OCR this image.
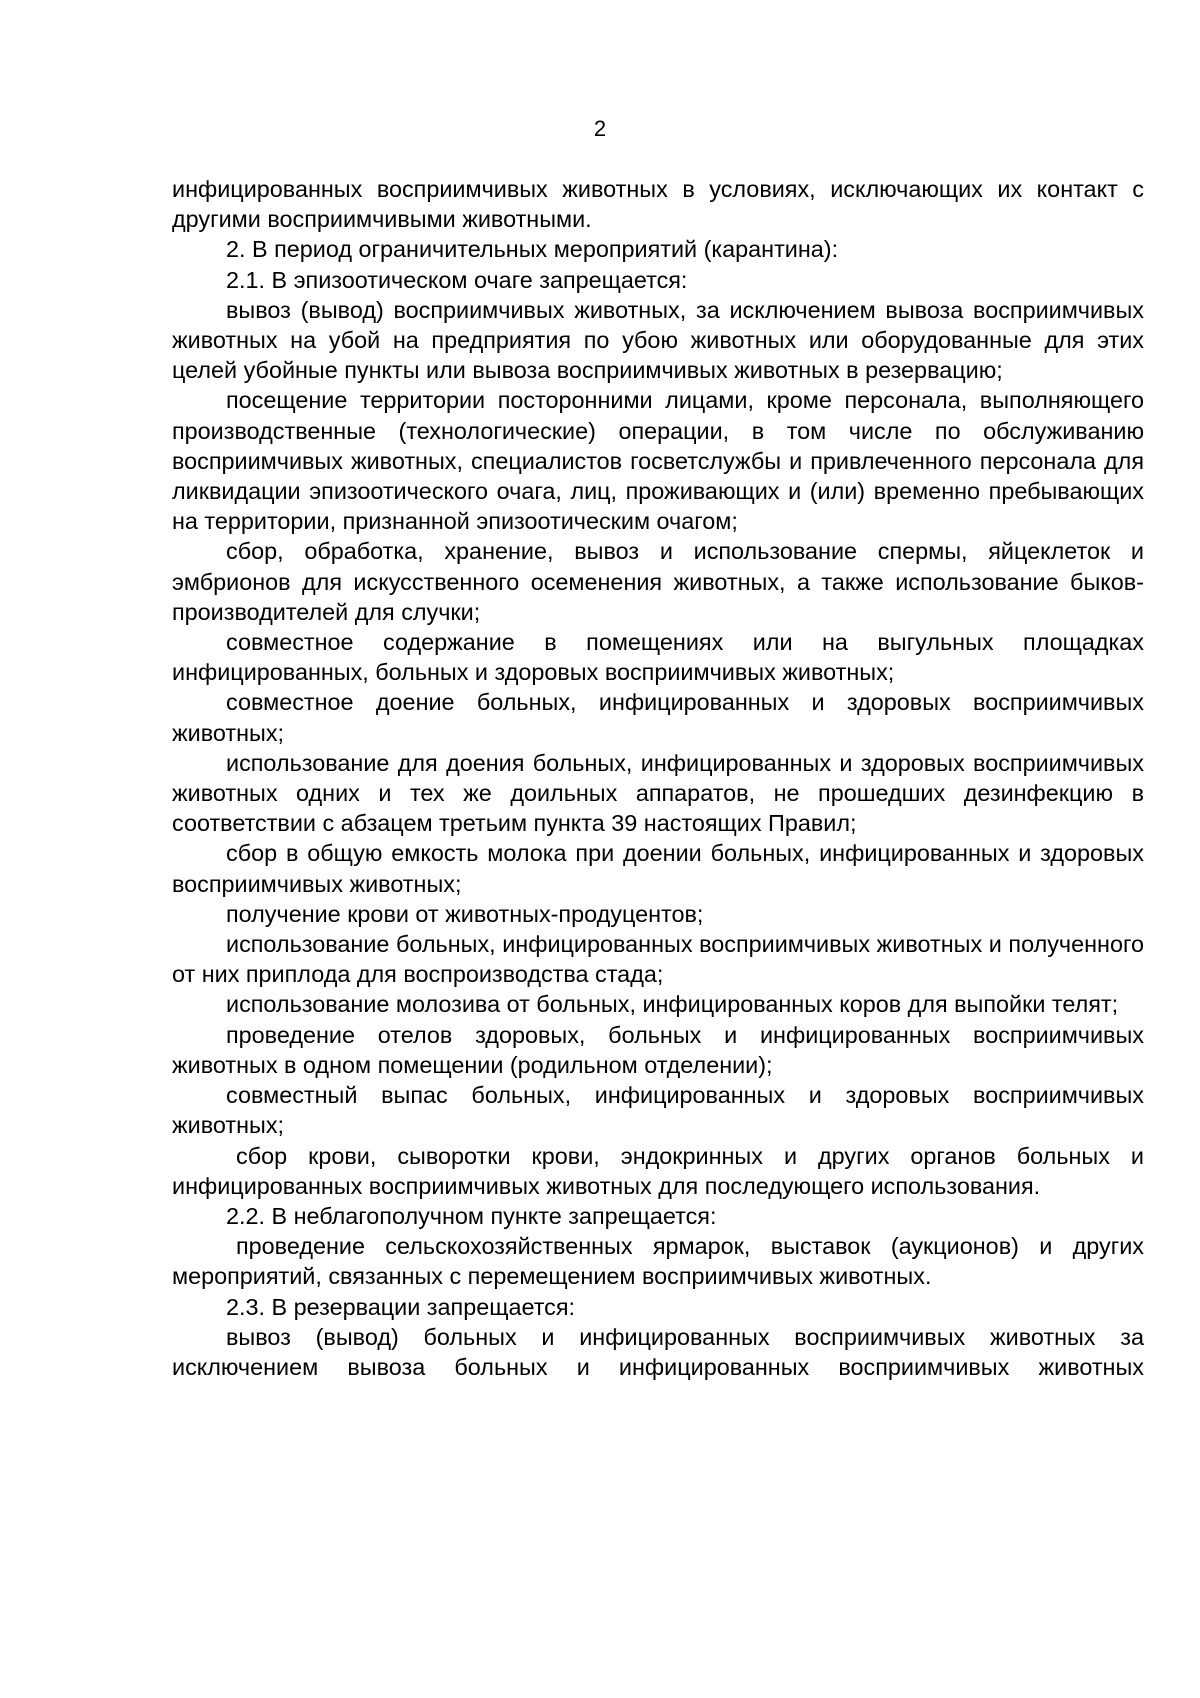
2

инфицированных восприимчивых животных в условиях, исключающих их контакт с другими восприимчивыми животными.

2. В период ограничительных мероприятий (карантина):

2.1. В эпизоотическом очаге запрещается:

вывоз (вывод) восприимчивых животных, за исключением вывоза восприимчивых животных на убой на предприятия по убою животных или оборудованные для этих целей убойные пункты или вывоза восприимчивых животных в резервацию;

посещение территории посторонними лицами, кроме персонала, выполняющего производственные (технологические) операции, в том числе по обслуживанию восприимчивых животных, специалистов госветслужбы и привлеченного персонала для ликвидации эпизоотического очага, лиц, проживающих и (или) временно пребывающих на территории, признанной эпизоотическим очагом;

сбор, обработка, хранение, вывоз и использование спермы, яйцеклеток и эмбрионов для искусственного осеменения животных, а также использование быков-производителей для случки;

совместное содержание в помещениях или на выгульных площадках инфицированных, больных и здоровых восприимчивых животных;

совместное доение больных, инфицированных и здоровых восприимчивых животных;

использование для доения больных, инфицированных и здоровых восприимчивых животных одних и тех же доильных аппаратов, не прошедших дезинфекцию в соответствии с абзацем третьим пункта 39 настоящих Правил;

сбор в общую емкость молока при доении больных, инфицированных и здоровых восприимчивых животных;

получение крови от животных-продуцентов;

использование больных, инфицированных восприимчивых животных и полученного от них приплода для воспроизводства стада;

использование молозива от больных, инфицированных коров для выпойки телят;

проведение отелов здоровых, больных и инфицированных восприимчивых животных в одном помещении (родильном отделении);

совместный выпас больных, инфицированных и здоровых восприимчивых животных;

сбор крови, сыворотки крови, эндокринных и других органов больных и инфицированных восприимчивых животных для последующего использования.

2.2. В неблагополучном пункте запрещается:

проведение сельскохозяйственных ярмарок, выставок (аукционов) и других мероприятий, связанных с перемещением восприимчивых животных.

2.3. В резервации запрещается:

вывоз (вывод) больных и инфицированных восприимчивых животных за исключением вывоза больных и инфицированных восприимчивых животных
